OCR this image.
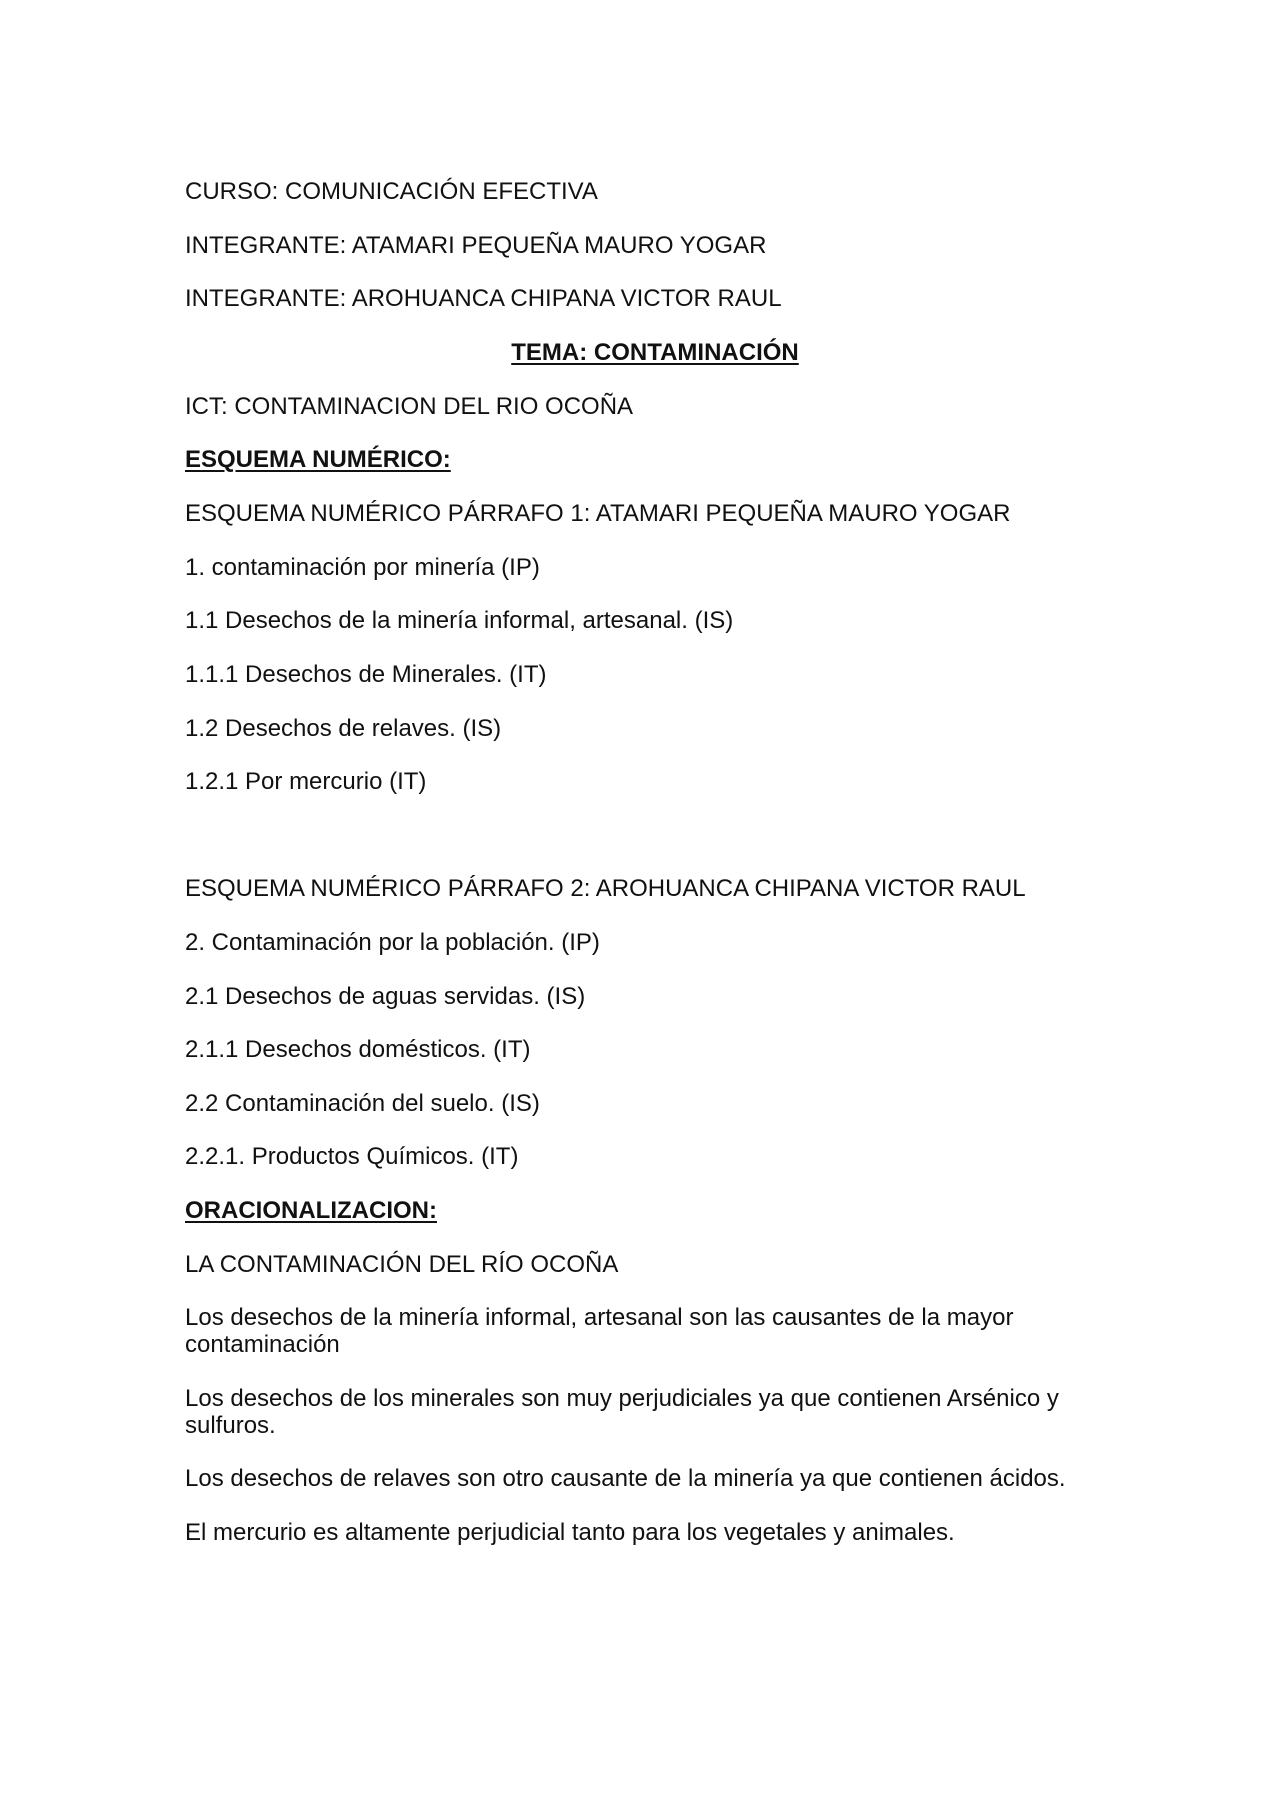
CURSO: COMUNICACIÓN EFECTIVA

INTEGRANTE: ATAMARI PEQUEÑA MAURO YOGAR

INTEGRANTE: AROHUANCA CHIPANA VICTOR RAUL

TEMA: CONTAMINACIÓN

ICT: CONTAMINACION DEL RIO OCOÑA

ESQUEMA NUMÉRICO:

ESQUEMA NUMÉRICO PÁRRAFO 1: ATAMARI PEQUEÑA MAURO YOGAR

1. contaminación por minería (IP)

1.1 Desechos de la minería informal, artesanal. (IS)

1.1.1 Desechos de Minerales. (IT)

1.2 Desechos de relaves. (IS)

1.2.1 Por mercurio (IT)

ESQUEMA NUMÉRICO PÁRRAFO 2: AROHUANCA CHIPANA VICTOR RAUL

2. Contaminación por la población. (IP)

2.1 Desechos de aguas servidas. (IS)

2.1.1 Desechos domésticos. (IT)

2.2 Contaminación del suelo. (IS)

2.2.1. Productos Químicos. (IT)

ORACIONALIZACION:

LA CONTAMINACIÓN DEL RÍO OCOÑA

Los desechos de la minería informal, artesanal son las causantes de la mayor contaminación

Los desechos de los minerales son muy perjudiciales ya que contienen Arsénico y sulfuros.

Los desechos de relaves son otro causante de la minería ya que contienen ácidos.

El mercurio es altamente perjudicial tanto para los vegetales y animales.
